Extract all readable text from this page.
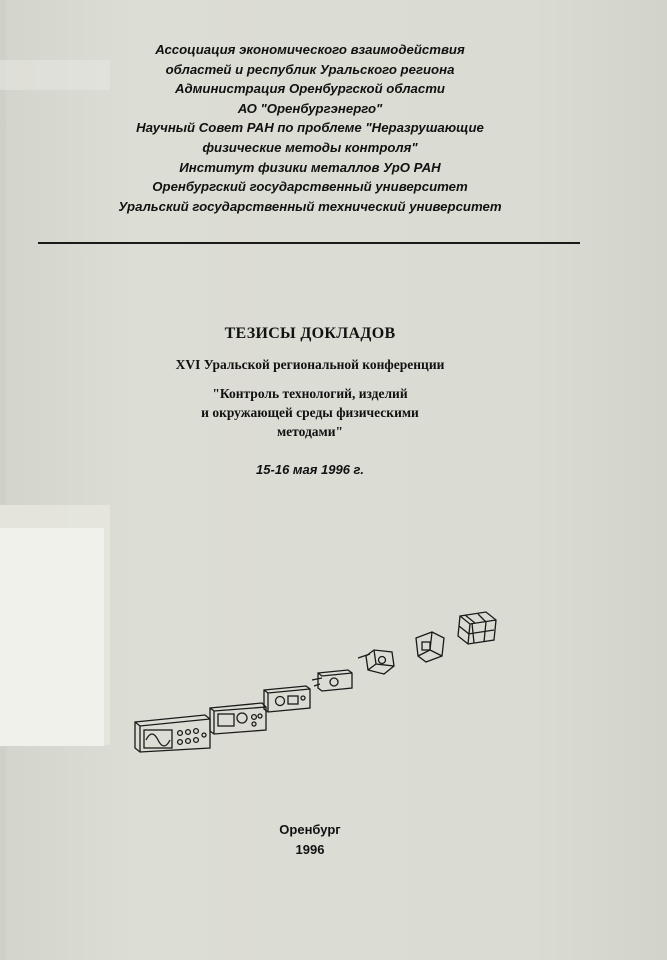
Ассоциация экономического взаимодействия
областей и республик Уральского региона
Администрация Оренбургской области
АО "Оренбургэнерго"
Научный Совет РАН по проблеме "Неразрушающие
физические методы контроля"
Институт физики металлов УрО РАН
Оренбургский государственный университет
Уральский государственный технический университет
ТЕЗИСЫ ДОКЛАДОВ
XVI Уральской региональной конференции
"Контроль технологий, изделий
и окружающей среды физическими
методами"
15-16 мая 1996 г.
Оренбург
1996
